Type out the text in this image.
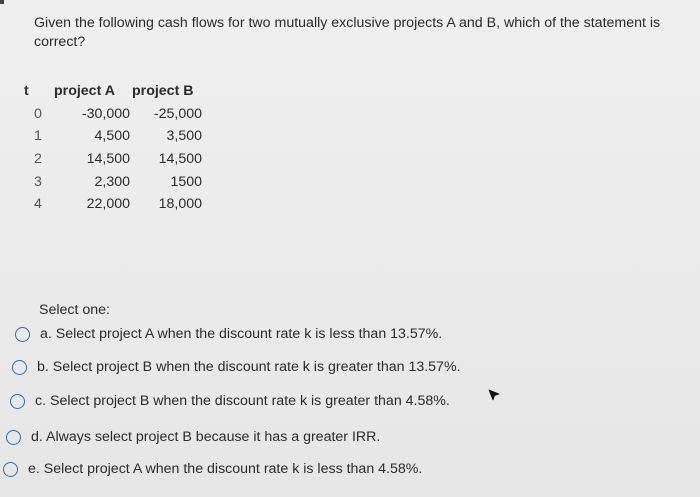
Given the following cash flows for two mutually exclusive projects A and B, which of the statement is correct?
t	project A	project B
0	-30,000	-25,000
1	4,500	3,500
2	14,500	14,500
3	2,300	1500
4	22,000	18,000
Select one:
a. Select project A when the discount rate k is less than 13.57%.
b. Select project B when the discount rate k is greater than 13.57%.
c. Select project B when the discount rate k is greater than 4.58%.
d. Always select project B because it has a greater IRR.
e. Select project A when the discount rate k is less than 4.58%.
